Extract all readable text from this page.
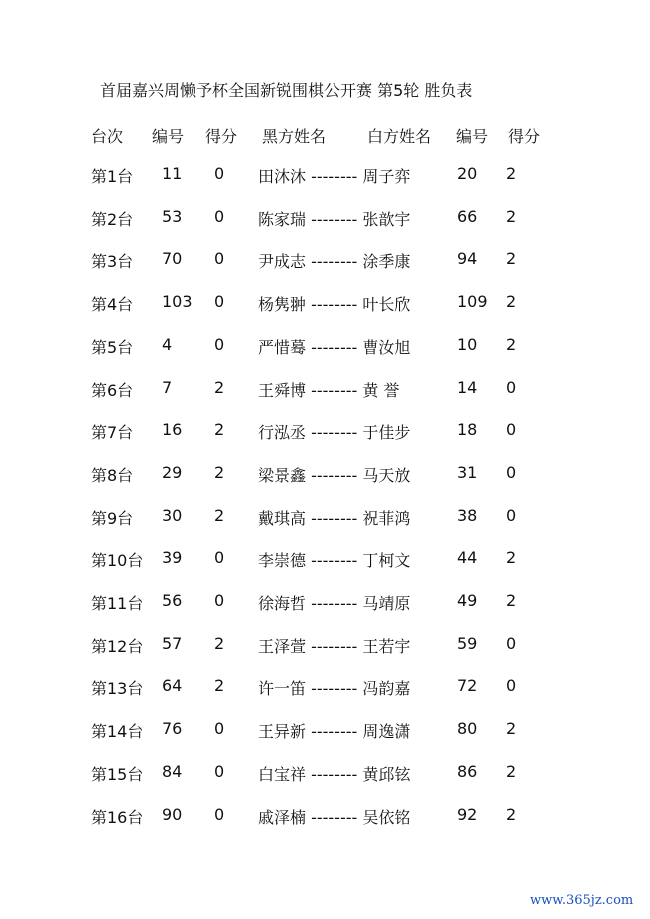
首届嘉兴周懒予杯全国新锐围棋公开赛 第5轮 胜负表
台次 编号 得分 黑方姓名	白方姓名 编号 得分
第1台 11 0 田沐沐 -------- 周子弈	20 2
第2台 53 0 陈家瑞 -------- 张歆宇	66 2
第3台 70 0 尹成志 -------- 涂季康	94 2
第4台 103 0 杨隽翀 -------- 叶长欣	109 2
第5台 4	0 严惜蓦 -------- 曹汝旭	10 2
第6台 7	2 王舜博 -------- 黄 誉	14 0
第7台 16 2 行泓丞 -------- 于佳步	18 0
第8台 29 2 梁景鑫 -------- 马天放	31 0
第9台 30 2 戴琪高 -------- 祝菲鸿	38 0
第10台 39 0 李崇德 -------- 丁柯文	44 2
第11台 56 0 徐海哲 -------- 马靖原	49 2
第12台 57 2 王泽萱 -------- 王若宇	59 0
第13台 64 2 许一笛 -------- 冯韵嘉	72 0
第14台 76 0 王异新 -------- 周逸潇	80 2
第15台 84 0 白宝祥 -------- 黄邱铉	86 2
第16台 90 0 戚泽楠 -------- 吴依铭	92 2
www.365jz.com
